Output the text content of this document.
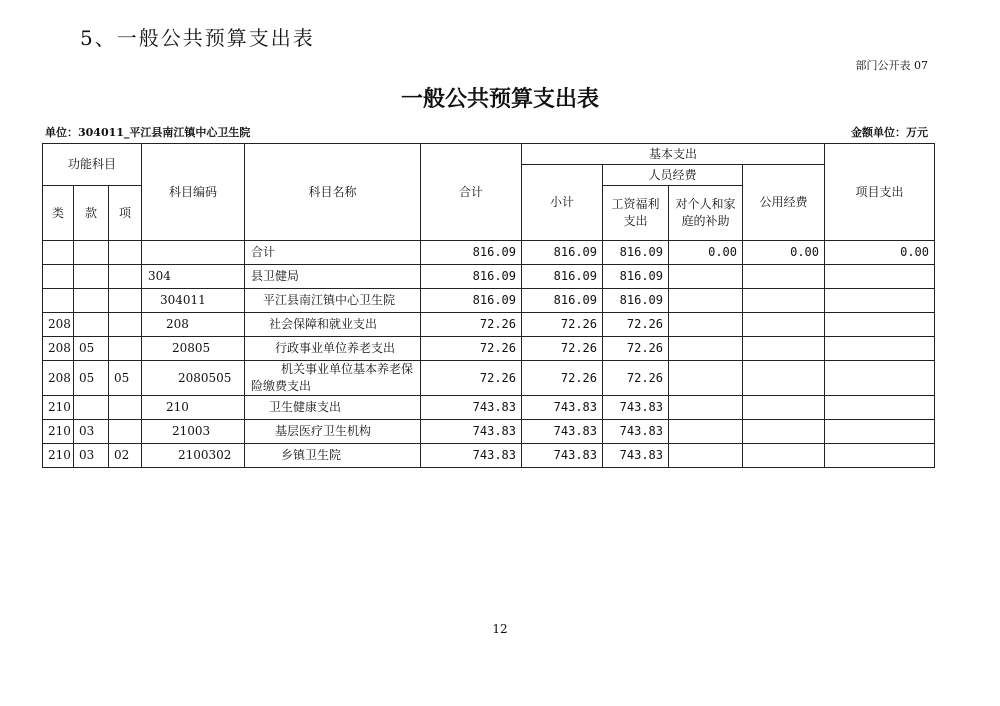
5、一般公共预算支出表
部门公开表 07
一般公共预算支出表
单位：304011_平江县南江镇中心卫生院	金额单位：万元
功能科目			科目编码	科目名称	合计	基本支出				项目支出
						小计	人员经费		公用经费	
类	款	项					工资福利支出	对个人和家庭的补助		

				合计	816.09	816.09	816.09	0.00	0.00	0.00
			304	县卫健局	816.09	816.09	816.09			
			304011	平江县南江镇中心卫生院	816.09	816.09	816.09			
208			208	社会保障和就业支出	72.26	72.26	72.26			
208	05		20805	行政事业单位养老支出	72.26	72.26	72.26			
208	05	05	2080505	机关事业单位基本养老保险缴费支出	72.26	72.26	72.26			
210			210	卫生健康支出	743.83	743.83	743.83			
210	03		21003	基层医疗卫生机构	743.83	743.83	743.83			
210	03	02	2100302	乡镇卫生院	743.83	743.83	743.83			
12
